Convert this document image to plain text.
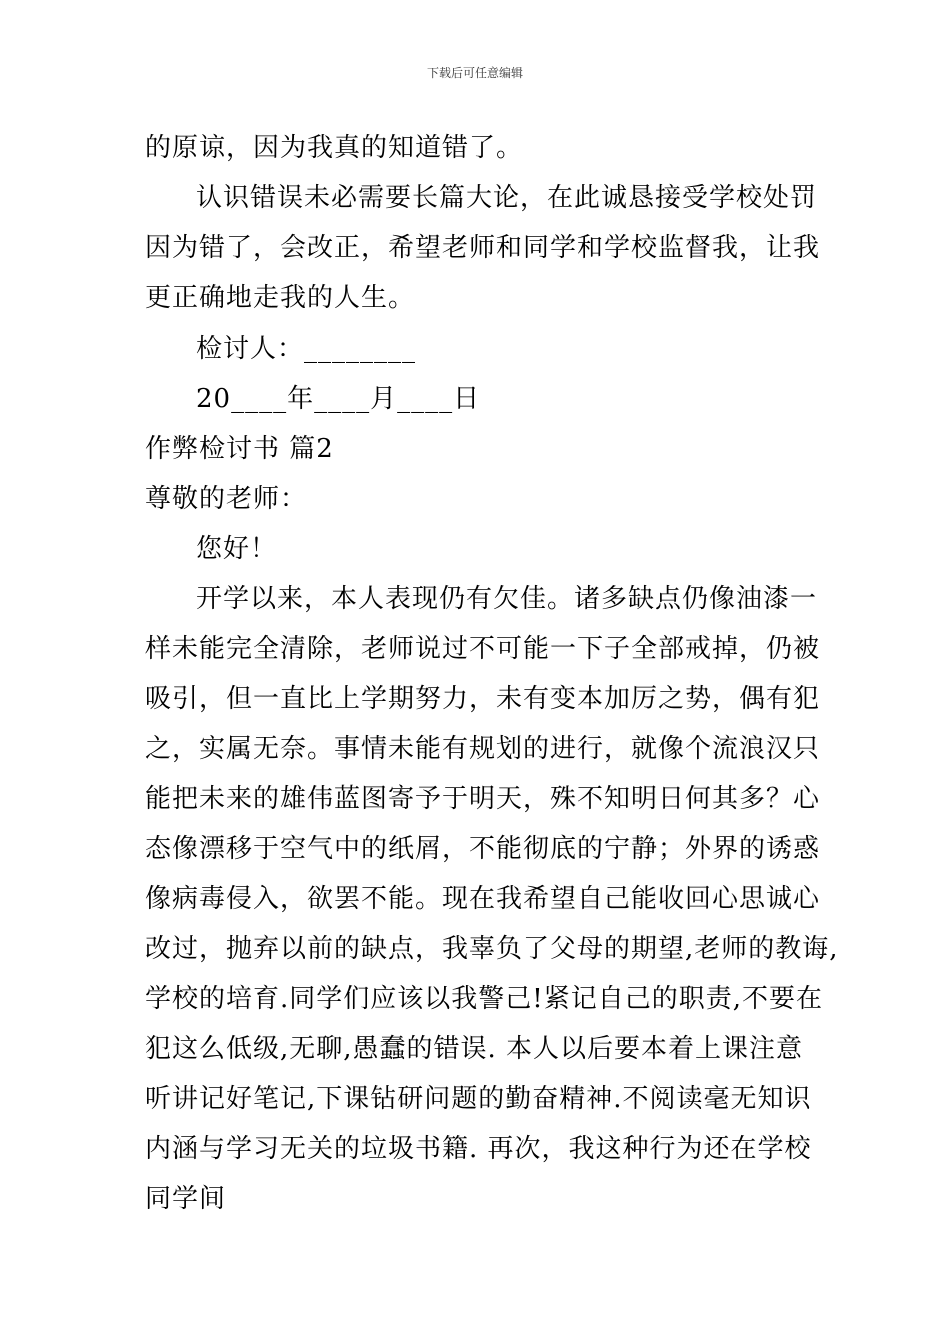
下载后可任意编辑
的原谅，因为我真的知道错了。
认识错误未必需要长篇大论，在此诚恳接受学校处罚
因为错了，会改正，希望老师和同学和学校监督我，让我
更正确地走我的人生。
检讨人：________
20____年____月____日
作弊检讨书 篇2
尊敬的老师：
您好！
开学以来，本人表现仍有欠佳。诸多缺点仍像油漆一
样未能完全清除，老师说过不可能一下子全部戒掉，仍被
吸引，但一直比上学期努力，未有变本加厉之势，偶有犯
之，实属无奈。事情未能有规划的进行，就像个流浪汉只
能把未来的雄伟蓝图寄予于明天，殊不知明日何其多？心
态像漂移于空气中的纸屑，不能彻底的宁静；外界的诱惑
像病毒侵入，欲罢不能。现在我希望自己能收回心思诚心
改过，抛弃以前的缺点，我辜负了父母的期望,老师的教诲,
学校的培育.同学们应该以我警己!紧记自己的职责,不要在
犯这么低级,无聊,愚蠢的错误. 本人以后要本着上课注意
听讲记好笔记,下课钻研问题的勤奋精神.不阅读毫无知识
内涵与学习无关的垃圾书籍. 再次，我这种行为还在学校
同学间
